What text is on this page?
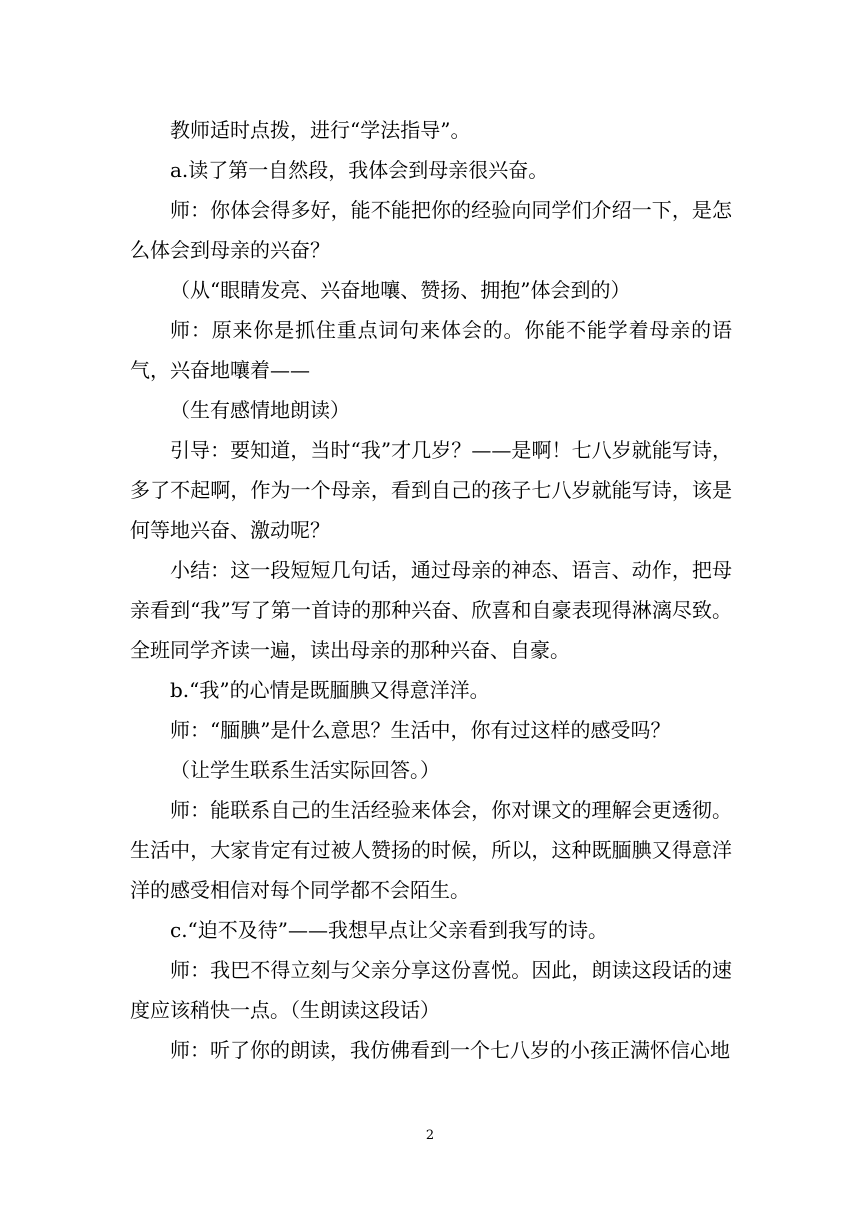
教师适时点拨，进行“学法指导”。

a.读了第一自然段，我体会到母亲很兴奋。

师：你体会得多好，能不能把你的经验向同学们介绍一下，是怎么体会到母亲的兴奋？

（从“眼睛发亮、兴奋地嚷、赞扬、拥抱”体会到的）

师：原来你是抓住重点词句来体会的。你能不能学着母亲的语气，兴奋地嚷着——

（生有感情地朗读）

引导：要知道，当时“我”才几岁？——是啊！七八岁就能写诗，多了不起啊，作为一个母亲，看到自己的孩子七八岁就能写诗，该是何等地兴奋、激动呢？

小结：这一段短短几句话，通过母亲的神态、语言、动作，把母亲看到“我”写了第一首诗的那种兴奋、欣喜和自豪表现得淋漓尽致。全班同学齐读一遍，读出母亲的那种兴奋、自豪。

b.“我”的心情是既腼腆又得意洋洋。

师：“腼腆”是什么意思？生活中，你有过这样的感受吗？

（让学生联系生活实际回答。）

师：能联系自己的生活经验来体会，你对课文的理解会更透彻。生活中，大家肯定有过被人赞扬的时候，所以，这种既腼腆又得意洋洋的感受相信对每个同学都不会陌生。

c.“迫不及待”——我想早点让父亲看到我写的诗。

师：我巴不得立刻与父亲分享这份喜悦。因此，朗读这段话的速度应该稍快一点。（生朗读这段话）

师：听了你的朗读，我仿佛看到一个七八岁的小孩正满怀信心地

2
